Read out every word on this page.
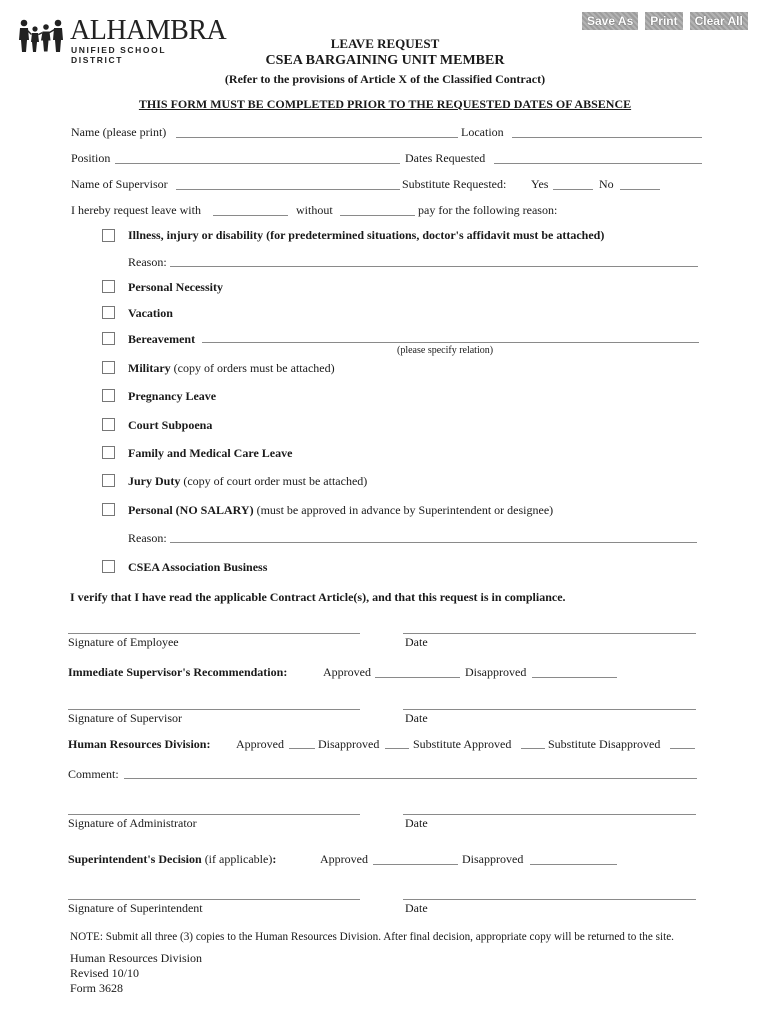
ALHAMBRA
UNIFIED SCHOOL DISTRICT
Save As	Print	Clear All
LEAVE REQUEST
CSEA BARGAINING UNIT MEMBER
(Refer to the provisions of Article X of the Classified Contract)
THIS FORM MUST BE COMPLETED PRIOR TO THE REQUESTED DATES OF ABSENCE
Name (please print)	Location
Position	Dates Requested
Name of Supervisor	Substitute Requested: Yes	No
I hereby request leave with	without	pay for the following reason:
Illness, injury or disability (for predetermined situations, doctor's affidavit must be attached)
Reason:
Personal Necessity
Vacation
Bereavement
(please specify relation)
Military (copy of orders must be attached)
Pregnancy Leave
Court Subpoena
Family and Medical Care Leave
Jury Duty (copy of court order must be attached)
Personal (NO SALARY) (must be approved in advance by Superintendent or designee)
Reason:
CSEA Association Business
I verify that I have read the applicable Contract Article(s), and that this request is in compliance.
Signature of Employee	Date
Immediate Supervisor's Recommendation:	Approved	Disapproved
Signature of Supervisor	Date
Human Resources Division: Approved	Disapproved	Substitute Approved	Substitute Disapproved
Comment:
Signature of Administrator	Date
Superintendent's Decision (if applicable):	Approved	Disapproved
Signature of Superintendent	Date
NOTE: Submit all three (3) copies to the Human Resources Division. After final decision, appropriate copy will be returned to the site.
Human Resources Division
Revised 10/10
Form 3628
